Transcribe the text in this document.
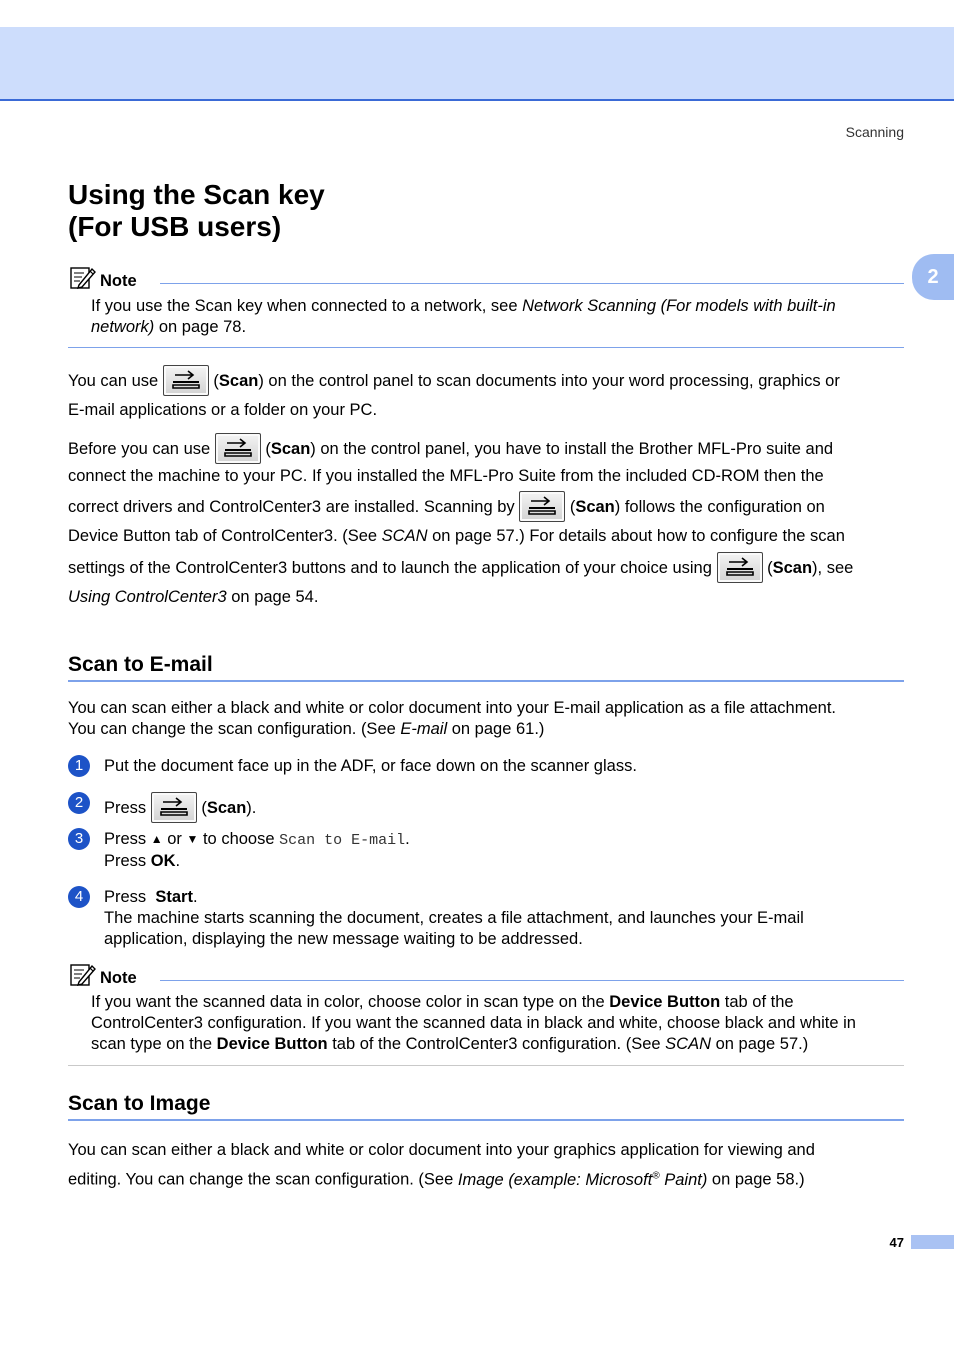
Scanning
2
Using the Scan key
(For USB users)
Note
If you use the Scan key when connected to a network, see Network Scanning (For models with built-in
network) on page 78.
You can use	(Scan) on the control panel to scan documents into your word processing, graphics or
E-mail applications or a folder on your PC.
Before you can use	(Scan) on the control panel, you have to install the Brother MFL-Pro suite and
connect the machine to your PC. If you installed the MFL-Pro Suite from the included CD-ROM then the
correct drivers and ControlCenter3 are installed. Scanning by	(Scan) follows the configuration on
Device Button tab of ControlCenter3. (See SCAN on page 57.) For details about how to configure the scan
settings of the ControlCenter3 buttons and to launch the application of your choice using	(Scan), see
Using ControlCenter3 on page 54.
Scan to E-mail
You can scan either a black and white or color document into your E-mail application as a file attachment.
You can change the scan configuration. (See E-mail on page 61.)
1	Put the document face up in the ADF, or face down on the scanner glass.
2	Press	(Scan).
3	Press ▲ or ▼ to choose Scan to E-mail.
Press OK.
4	Press  Start.
The machine starts scanning the document, creates a file attachment, and launches your E-mail
application, displaying the new message waiting to be addressed.
Note
If you want the scanned data in color, choose color in scan type on the Device Button tab of the
ControlCenter3 configuration. If you want the scanned data in black and white, choose black and white in
scan type on the Device Button tab of the ControlCenter3 configuration. (See SCAN on page 57.)
Scan to Image
You can scan either a black and white or color document into your graphics application for viewing and
editing. You can change the scan configuration. (See Image (example: Microsoft® Paint) on page 58.)
47
